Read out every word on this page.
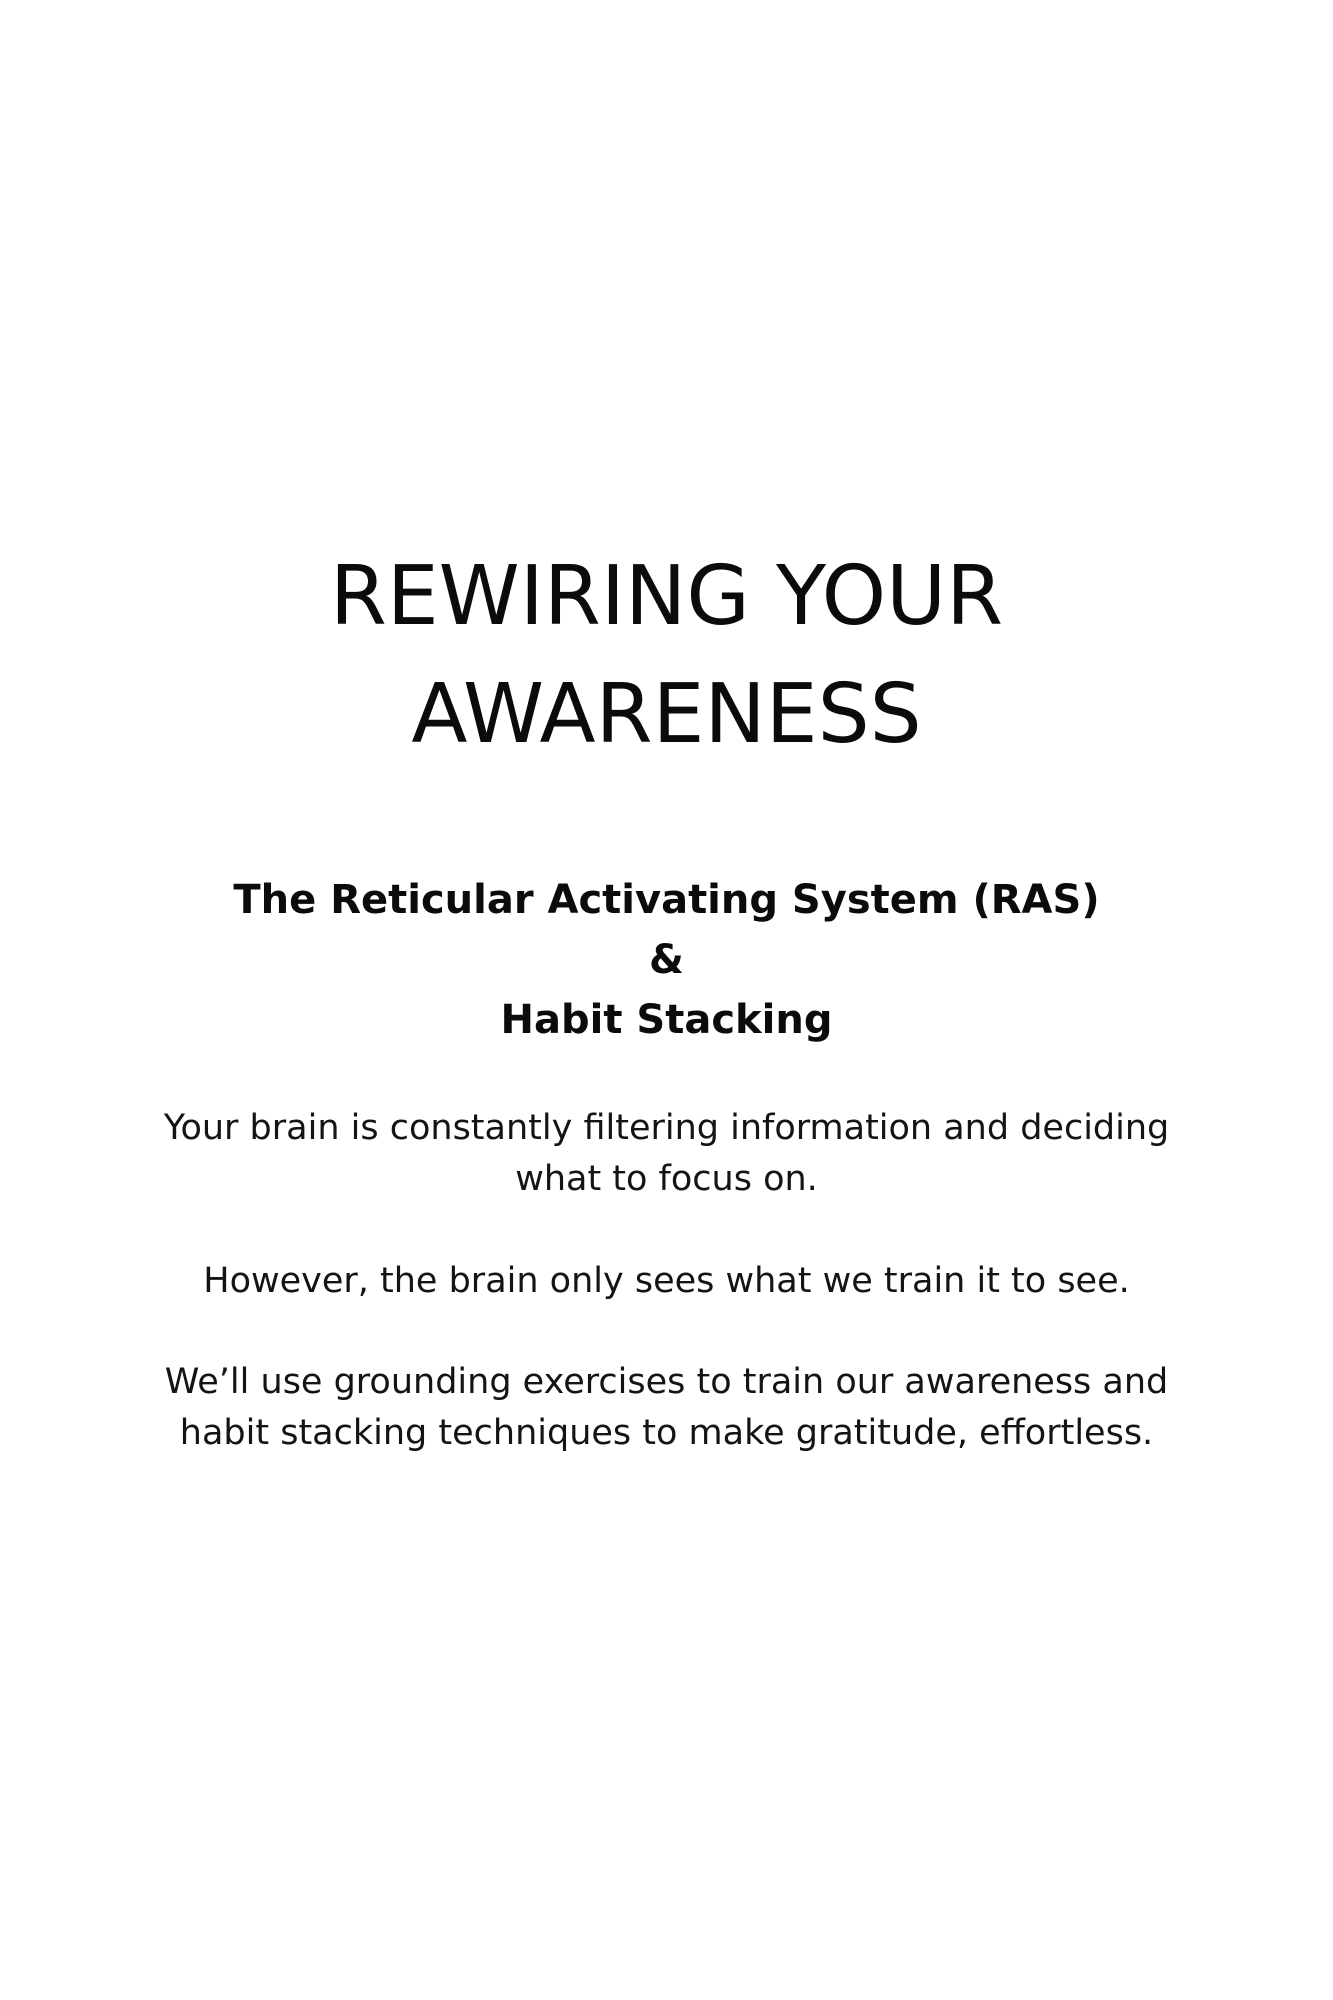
REWIRING YOUR
AWARENESS
The Reticular Activating System (RAS)
&
Habit Stacking
Your brain is constantly filtering information and deciding
what to focus on.
However, the brain only sees what we train it to see.
We’ll use grounding exercises to train our awareness and
habit stacking techniques to make gratitude, effortless.
